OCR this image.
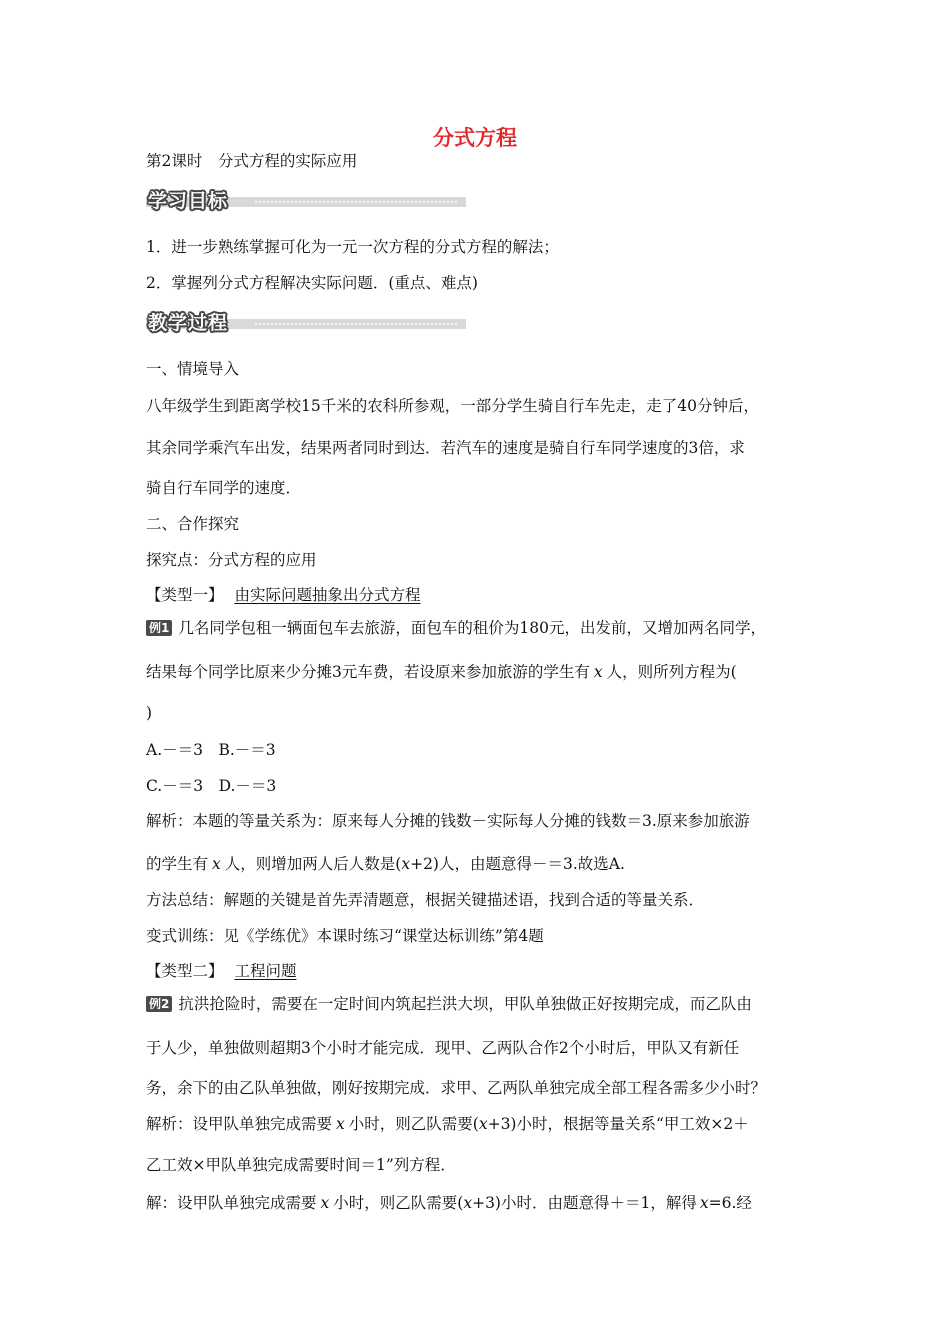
分式方程
第2课时　分式方程的实际应用
学习目标
1．进一步熟练掌握可化为一元一次方程的分式方程的解法；
2．掌握列分式方程解决实际问题．(重点、难点)
教学过程
一、情境导入
八年级学生到距离学校15千米的农科所参观，一部分学生骑自行车先走，走了40分钟后，
其余同学乘汽车出发，结果两者同时到达．若汽车的速度是骑自行车同学速度的3倍，求
骑自行车同学的速度．
二、合作探究
探究点：分式方程的应用
【类型一】 由实际问题抽象出分式方程
例1 几名同学包租一辆面包车去旅游，面包车的租价为180元，出发前，又增加两名同学，
结果每个同学比原来少分摊3元车费，若设原来参加旅游的学生有 x 人，则所列方程为(
)
A.－＝3　B.－＝3
C.－＝3　D.－＝3
解析：本题的等量关系为：原来每人分摊的钱数－实际每人分摊的钱数＝3.原来参加旅游
的学生有 x 人，则增加两人后人数是(x+2)人，由题意得－＝3.故选A.
方法总结：解题的关键是首先弄清题意，根据关键描述语，找到合适的等量关系．
变式训练：见《学练优》本课时练习“课堂达标训练”第4题
【类型二】 工程问题
例2 抗洪抢险时，需要在一定时间内筑起拦洪大坝，甲队单独做正好按期完成，而乙队由
于人少，单独做则超期3个小时才能完成．现甲、乙两队合作2个小时后，甲队又有新任
务，余下的由乙队单独做，刚好按期完成．求甲、乙两队单独完成全部工程各需多少小时？
解析：设甲队单独完成需要 x 小时，则乙队需要(x+3)小时，根据等量关系“甲工效×2＋
乙工效×甲队单独完成需要时间＝1”列方程．
解：设甲队单独完成需要 x 小时，则乙队需要(x+3)小时．由题意得＋＝1，解得 x=6.经
